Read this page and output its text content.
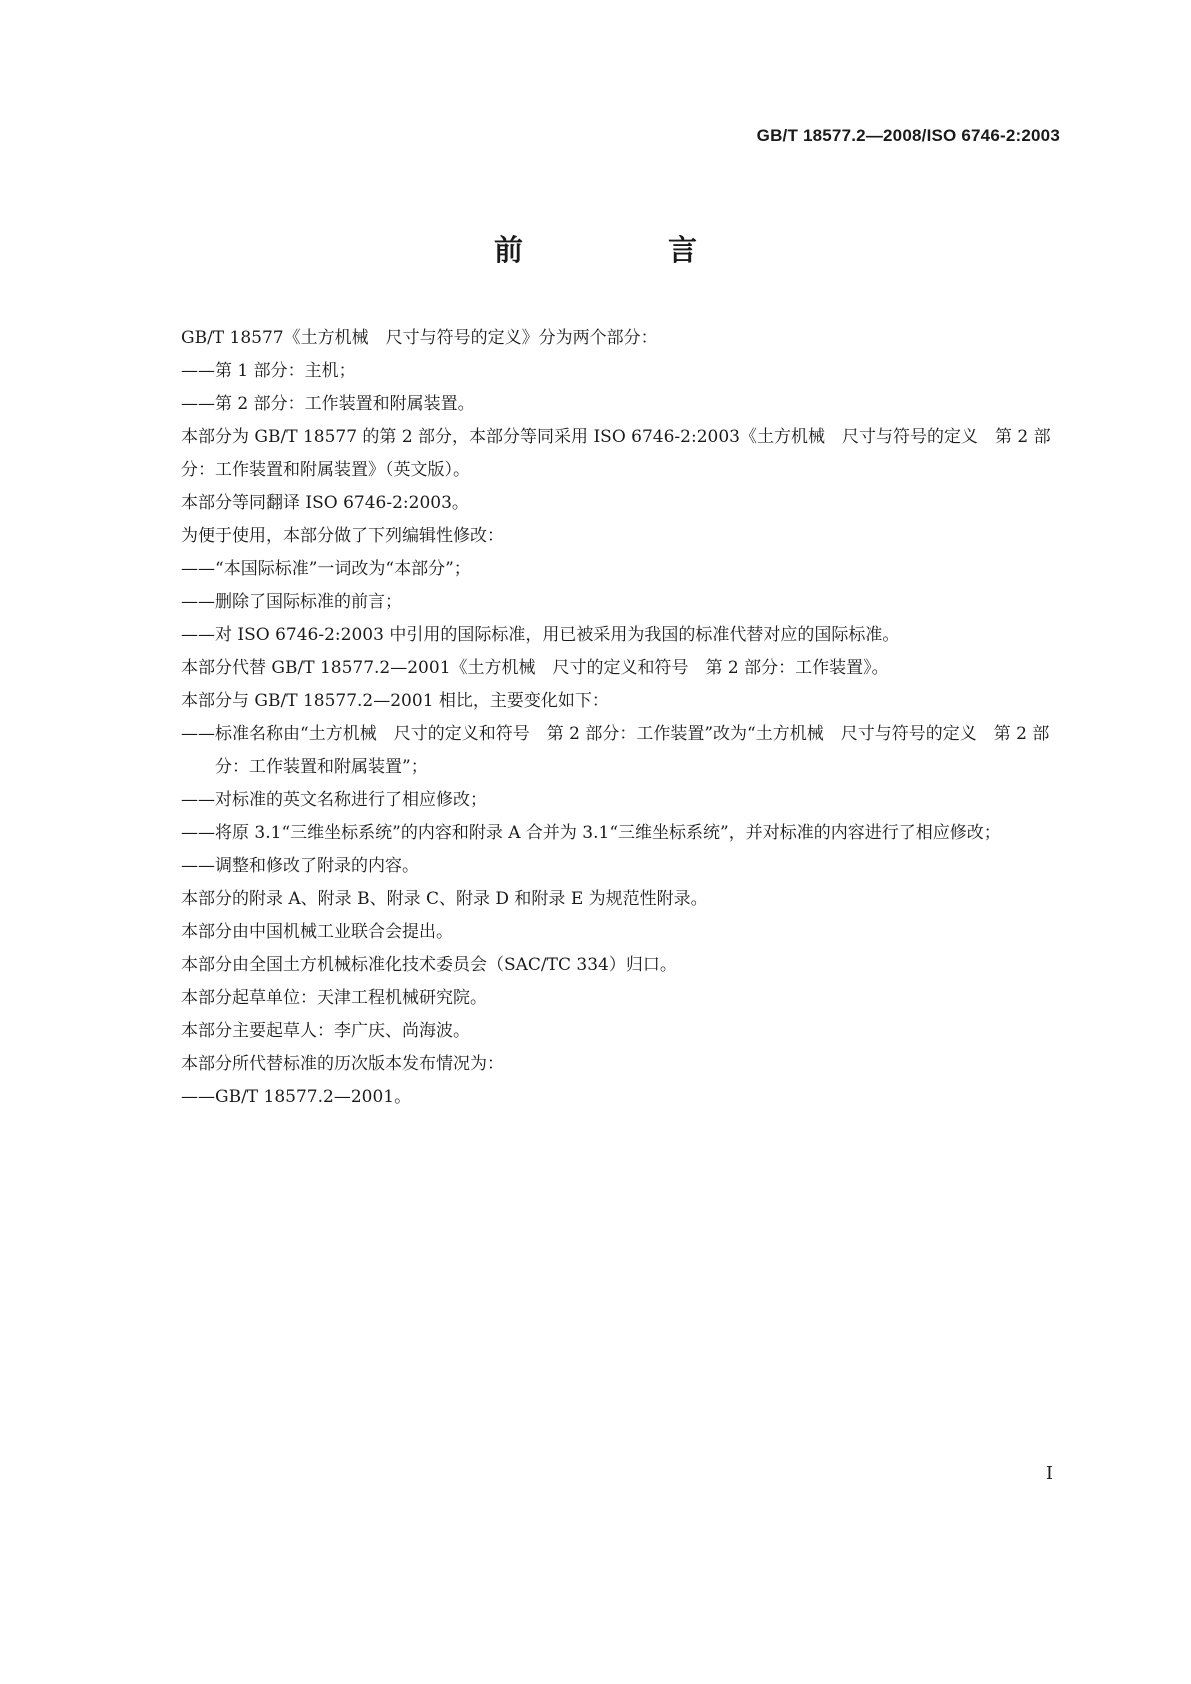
GB/T 18577.2—2008/ISO 6746-2:2003
前　言

GB/T 18577《土方机械　尺寸与符号的定义》分为两个部分：

——第 1 部分：主机；

——第 2 部分：工作装置和附属装置。

本部分为 GB/T 18577 的第 2 部分，本部分等同采用 ISO 6746-2:2003《土方机械　尺寸与符号的定义　第 2 部分：工作装置和附属装置》（英文版）。

本部分等同翻译 ISO 6746-2:2003。

为便于使用，本部分做了下列编辑性修改：

——“本国际标准”一词改为“本部分”；

——删除了国际标准的前言；

——对 ISO 6746-2:2003 中引用的国际标准，用已被采用为我国的标准代替对应的国际标准。

本部分代替 GB/T 18577.2—2001《土方机械　尺寸的定义和符号　第 2 部分：工作装置》。

本部分与 GB/T 18577.2—2001 相比，主要变化如下：

——标准名称由“土方机械　尺寸的定义和符号　第 2 部分：工作装置”改为“土方机械　尺寸与符号的定义　第 2 部分：工作装置和附属装置”；

——对标准的英文名称进行了相应修改；

——将原 3.1“三维坐标系统”的内容和附录 A 合并为 3.1“三维坐标系统”，并对标准的内容进行了相应修改；

——调整和修改了附录的内容。

本部分的附录 A、附录 B、附录 C、附录 D 和附录 E 为规范性附录。

本部分由中国机械工业联合会提出。

本部分由全国土方机械标准化技术委员会（SAC/TC 334）归口。

本部分起草单位：天津工程机械研究院。

本部分主要起草人：李广庆、尚海波。

本部分所代替标准的历次版本发布情况为：

——GB/T 18577.2—2001。

I
